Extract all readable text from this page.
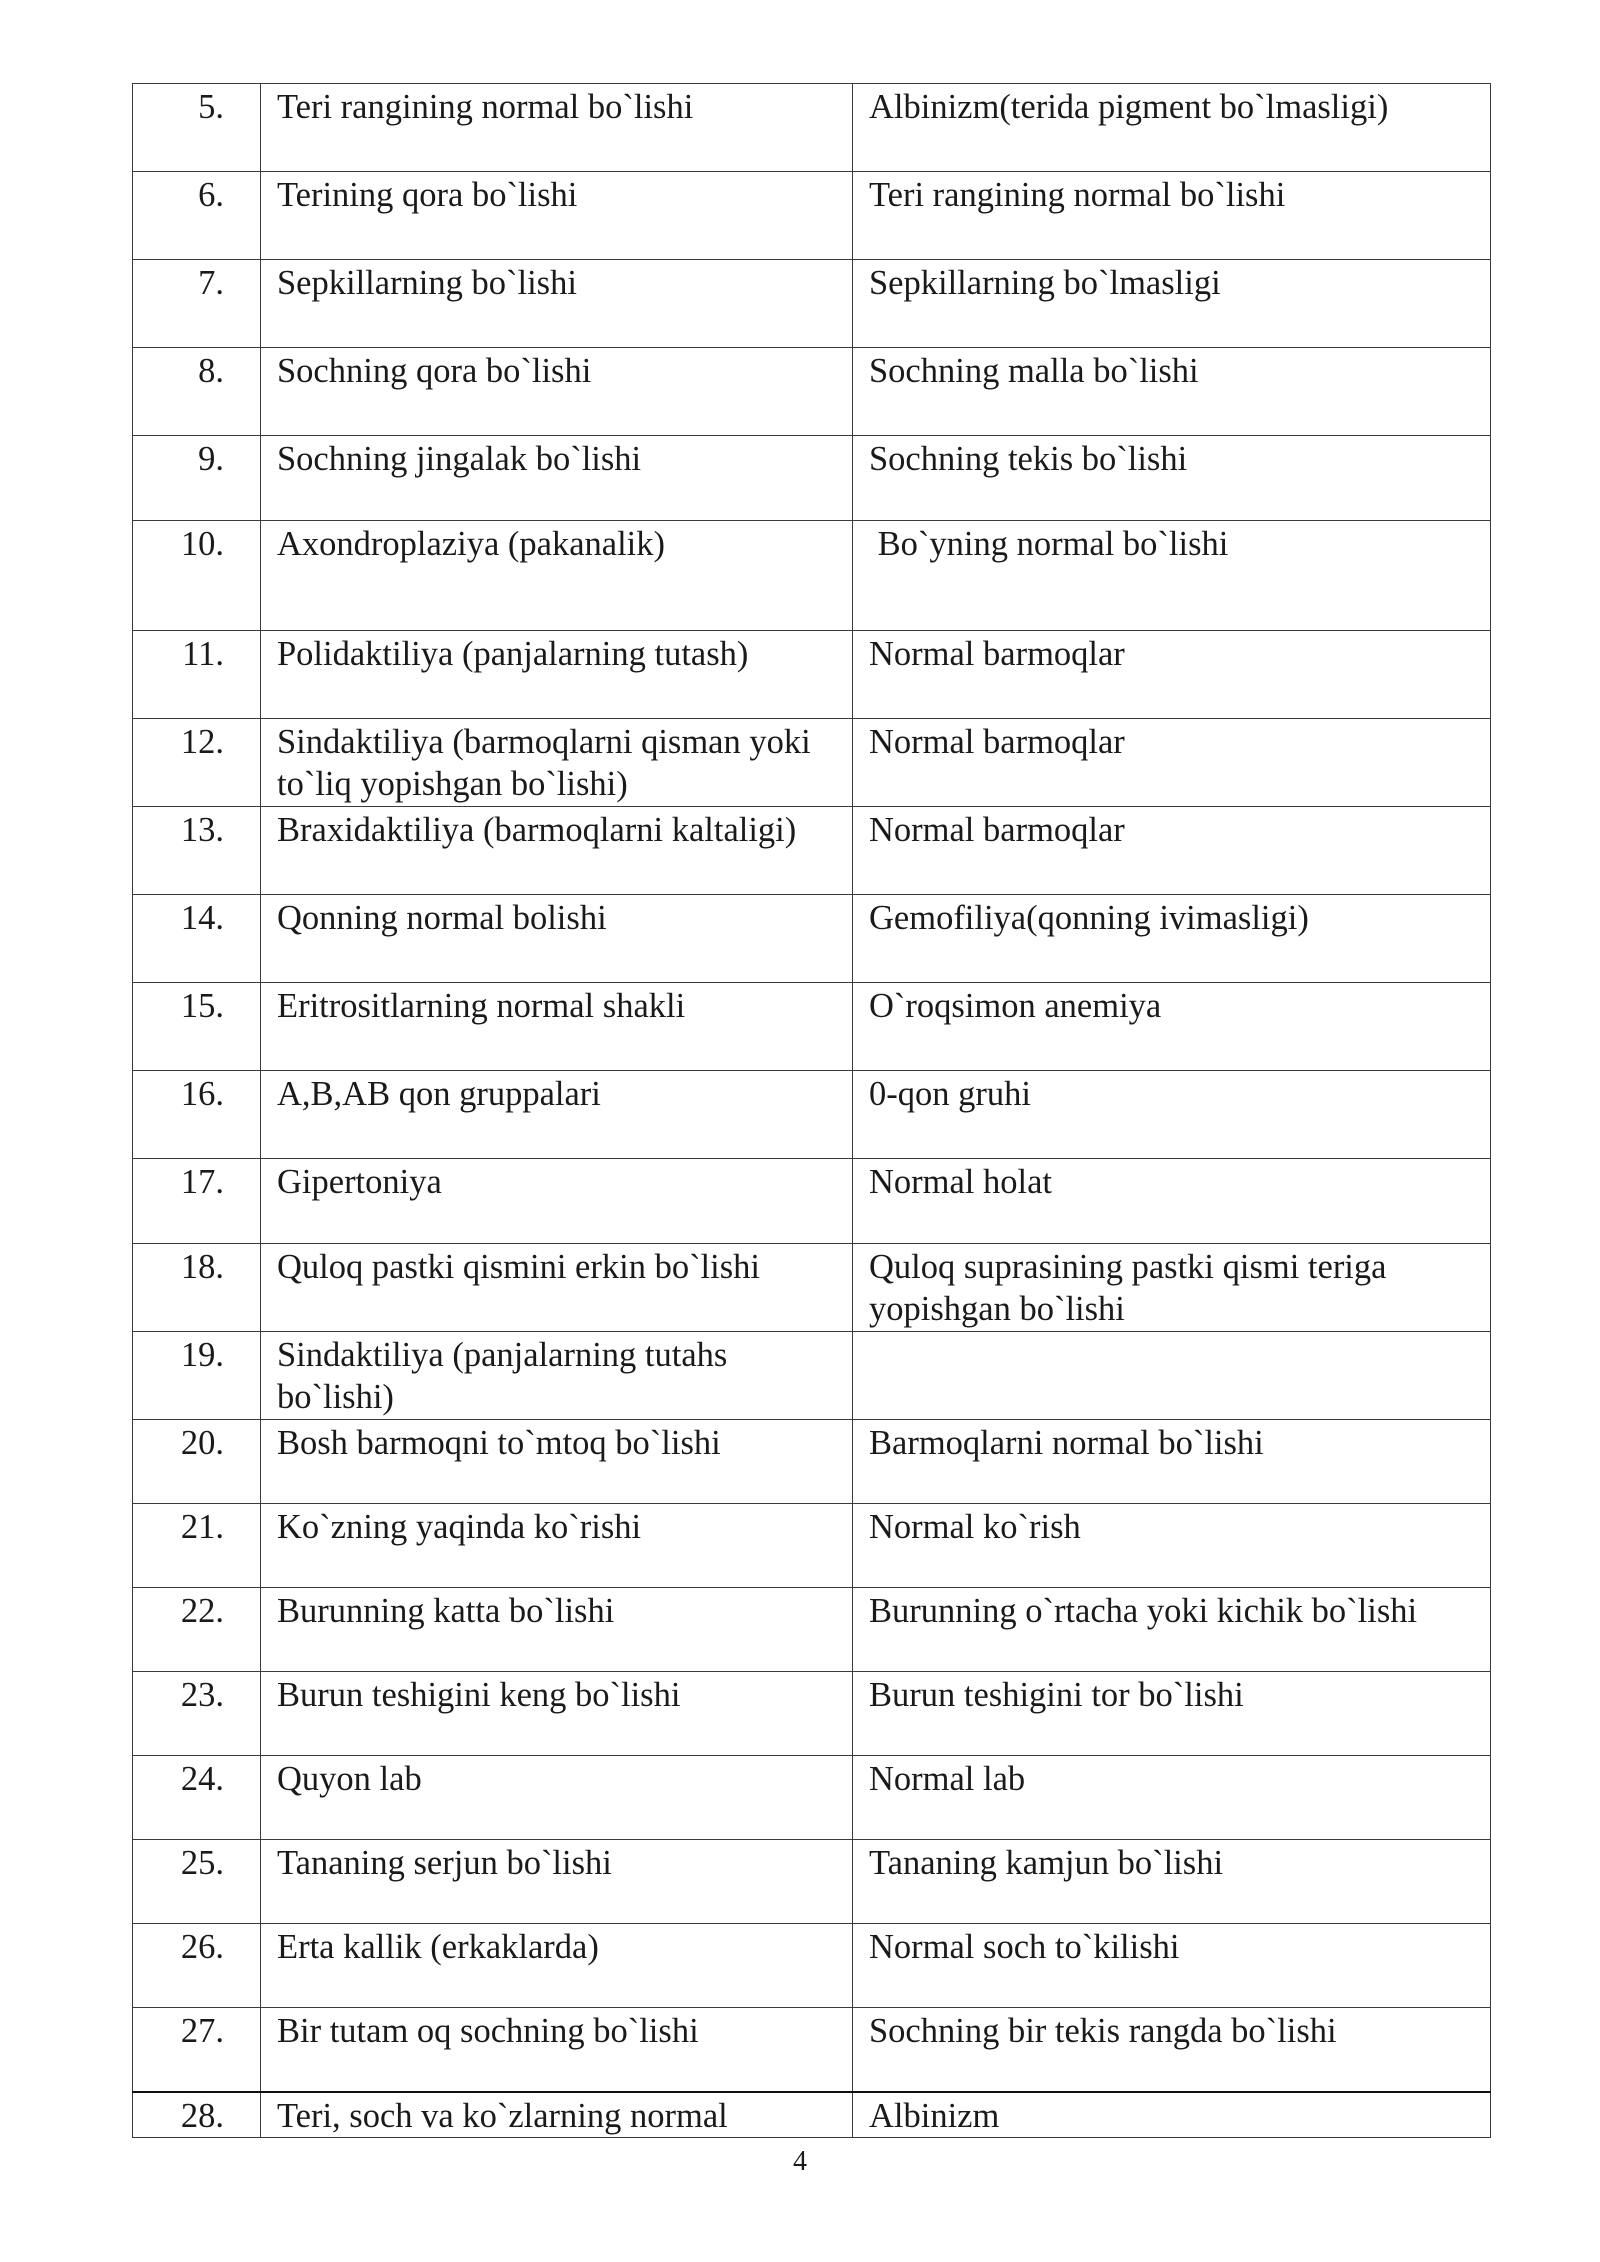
5.	Teri rangining normal bo`lishi	Albinizm(terida pigment bo`lmasligi)
6.	Terining qora bo`lishi	Teri rangining normal bo`lishi
7.	Sepkillarning bo`lishi	Sepkillarning bo`lmasligi
8.	Sochning qora bo`lishi	Sochning malla bo`lishi
9.	Sochning jingalak bo`lishi	Sochning tekis bo`lishi
10.	Axondroplaziya (pakanalik)	Bo`yning normal bo`lishi
11.	Polidaktiliya (panjalarning tutash)	Normal barmoqlar
12.	Sindaktiliya (barmoqlarni qisman yoki to`liq yopishgan bo`lishi)	Normal barmoqlar
13.	Braxidaktiliya (barmoqlarni kaltaligi)	Normal barmoqlar
14.	Qonning normal bolishi	Gemofiliya(qonning ivimasligi)
15.	Eritrositlarning normal shakli	O`roqsimon anemiya
16.	A,B,AB qon gruppalari	0-qon gruhi
17.	Gipertoniya	Normal holat
18.	Quloq pastki qismini erkin bo`lishi	Quloq suprasining pastki qismi teriga yopishgan bo`lishi
19.	Sindaktiliya (panjalarning tutahs bo`lishi)	
20.	Bosh barmoqni to`mtoq bo`lishi	Barmoqlarni normal bo`lishi
21.	Ko`zning yaqinda ko`rishi	Normal ko`rish
22.	Burunning katta bo`lishi	Burunning o`rtacha yoki kichik bo`lishi
23.	Burun teshigini keng bo`lishi	Burun teshigini tor bo`lishi
24.	Quyon lab	Normal lab
25.	Tananing serjun bo`lishi	Tananing kamjun bo`lishi
26.	Erta kallik (erkaklarda)	Normal soch to`kilishi
27.	Bir tutam oq sochning bo`lishi	Sochning bir tekis rangda bo`lishi
28.	Teri, soch va ko`zlarning normal	Albinizm
4
